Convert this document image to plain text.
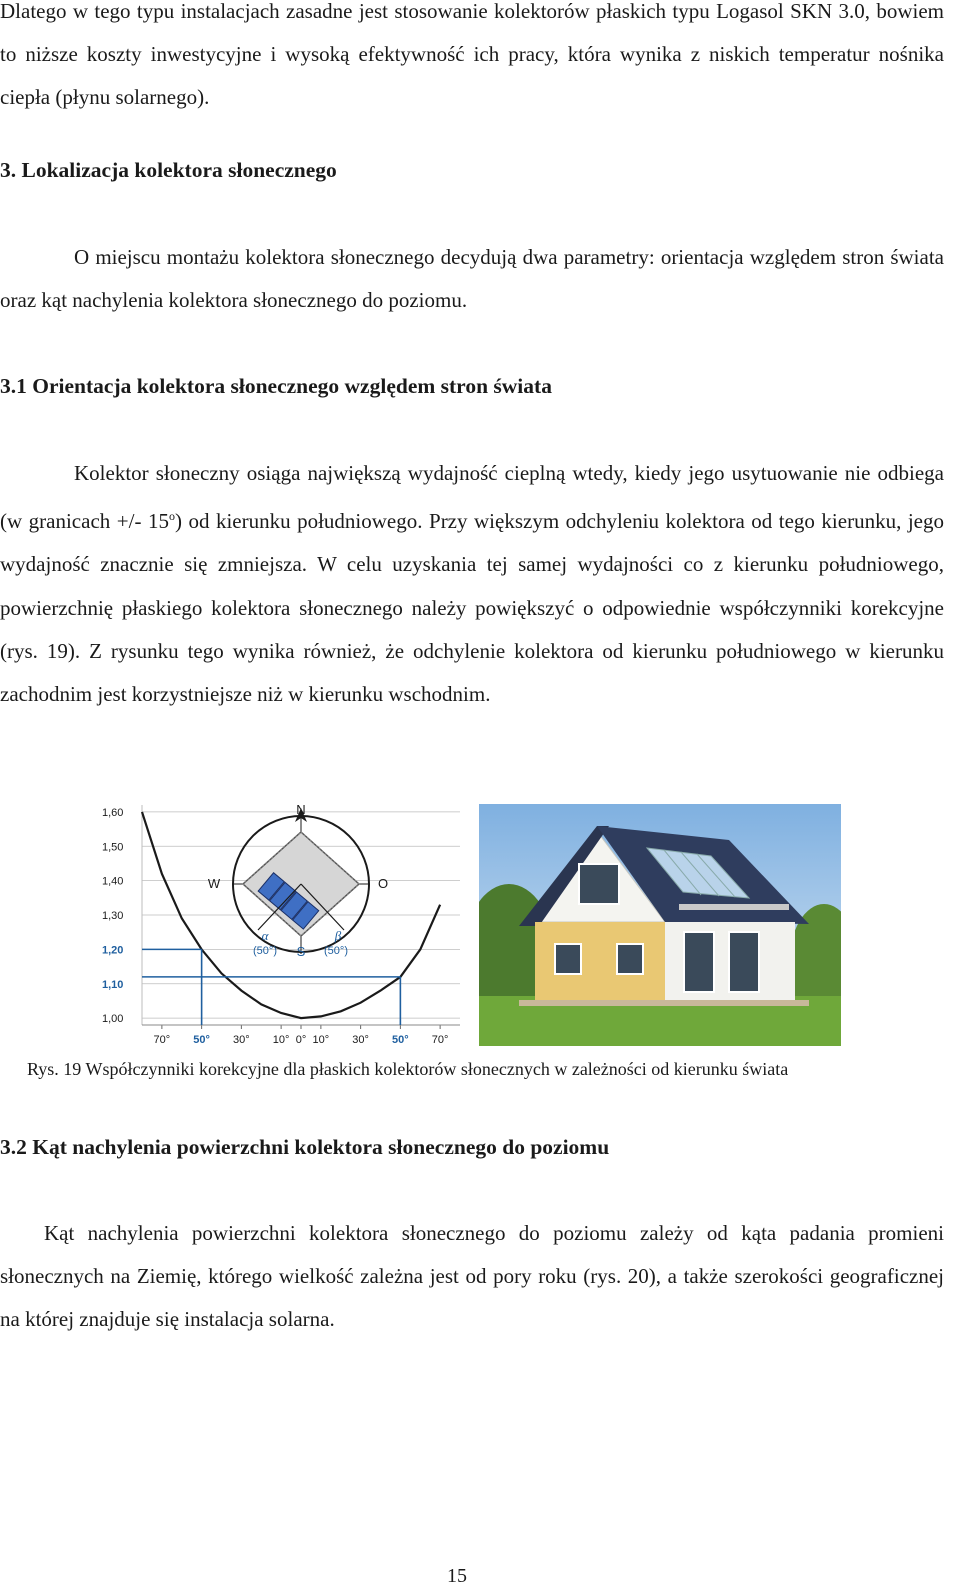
Dlatego w tego typu instalacjach zasadne jest stosowanie kolektorów płaskich typu Logasol SKN 3.0, bowiem to niższe koszty inwestycyjne i wysoką efektywność ich pracy, która wynika z niskich temperatur nośnika ciepła (płynu solarnego).

3. Lokalizacja kolektora słonecznego

O miejscu montażu kolektora słonecznego decydują dwa parametry: orientacja względem stron świata oraz kąt nachylenia kolektora słonecznego do poziomu.

3.1 Orientacja kolektora słonecznego względem stron świata

Kolektor słoneczny osiąga największą wydajność cieplną wtedy, kiedy jego usytuowanie nie odbiega (w granicach +/- 15$^o$) od kierunku południowego. Przy większym odchyleniu kolektora od tego kierunku, jego wydajność znacznie się zmniejsza. W celu uzyskania tej samej wydajności co z kierunku południowego, powierzchnię płaskiego kolektora słonecznego należy powiększyć o odpowiednie współczynniki korekcyjne (rys. 19). Z rysunku tego wynika również, że odchylenie kolektora od kierunku południowego w kierunku zachodnim jest korzystniejsze niż w kierunku wschodnim.

1,60
1,50
1,40
1,30
1,20
1,10
1,00
70° 50° 30° 10° 0° 10° 30° 50° 70°
N
W	O
S
α	β
(50°)	(50°)
Rys. 19 Współczynniki korekcyjne dla płaskich kolektorów słonecznych w zależności od kierunku świata
3.2 Kąt nachylenia powierzchni kolektora słonecznego do poziomu

Kąt nachylenia powierzchni kolektora słonecznego do poziomu zależy od kąta padania promieni słonecznych na Ziemię, którego wielkość zależna jest od pory roku (rys. 20), a także szerokości geograficznej na której znajduje się instalacja solarna.

15
